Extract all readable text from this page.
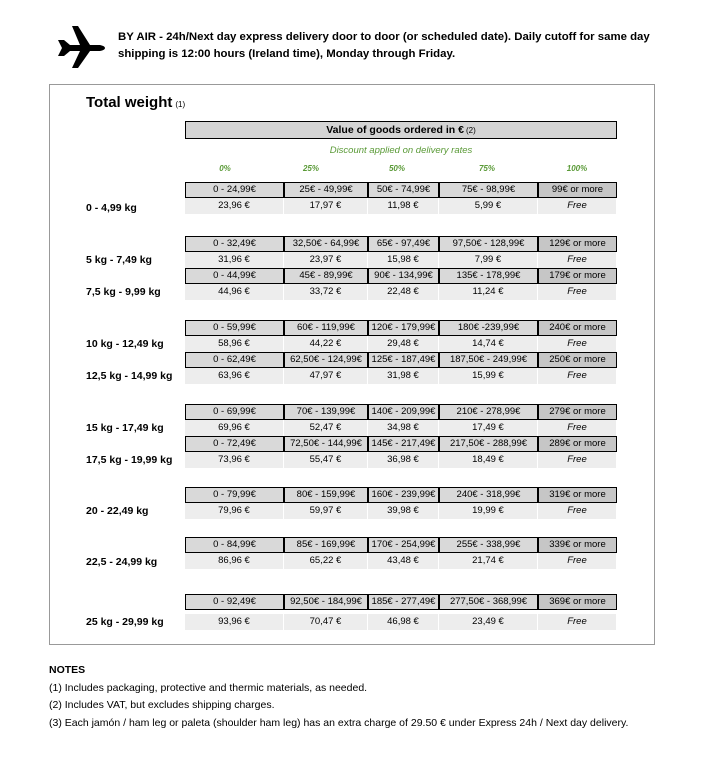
BY AIR - 24h/Next day express delivery door to door (or scheduled date). Daily cutoff for same day shipping is 12:00 hours (Ireland time), Monday through Friday.
Total weight (1)
Value of goods ordered in € (2)
Discount applied on delivery rates
0%	25%	50%	75%	100%
0 - 4,99 kg
0 - 24,99€	25€ - 49,99€	50€ - 74,99€	75€ - 98,99€	99€ or more
23,96 €	17,97 €	11,98 €	5,99 €	Free
5 kg - 7,49 kg
0 - 32,49€	32,50€ - 64,99€	65€ - 97,49€	97,50€ - 128,99€	129€ or more
31,96 €	23,97 €	15,98 €	7,99 €	Free
7,5 kg - 9,99 kg
0 - 44,99€	45€ - 89,99€	90€ - 134,99€	135€ - 178,99€	179€ or more
44,96 €	33,72 €	22,48 €	11,24 €	Free
10 kg - 12,49 kg
0 - 59,99€	60€ - 119,99€	120€ - 179,99€	180€ -239,99€	240€ or more
58,96 €	44,22 €	29,48 €	14,74 €	Free
12,5 kg - 14,99 kg
0 - 62,49€	62,50€ - 124,99€	125€ - 187,49€	187,50€ - 249,99€	250€ or more
63,96 €	47,97 €	31,98 €	15,99 €	Free
15 kg - 17,49 kg
0 - 69,99€	70€ - 139,99€	140€ - 209,99€	210€ - 278,99€	279€ or more
69,96 €	52,47 €	34,98 €	17,49 €	Free
17,5 kg - 19,99 kg
0 - 72,49€	72,50€ - 144,99€	145€ - 217,49€	217,50€ - 288,99€	289€ or more
73,96 €	55,47 €	36,98 €	18,49 €	Free
20 - 22,49 kg
0 - 79,99€	80€ - 159,99€	160€ - 239,99€	240€ - 318,99€	319€ or more
79,96 €	59,97 €	39,98 €	19,99 €	Free
22,5 - 24,99 kg
0 - 84,99€	85€ - 169,99€	170€ - 254,99€	255€ - 338,99€	339€ or more
86,96 €	65,22 €	43,48 €	21,74 €	Free
25 kg - 29,99 kg
0 - 92,49€	92,50€ - 184,99€	185€ - 277,49€	277,50€ - 368,99€	369€ or more
93,96 €	70,47 €	46,98 €	23,49 €	Free
NOTES
(1) Includes packaging, protective and thermic materials, as needed.
(2) Includes VAT, but excludes shipping charges.
(3) Each jamón / ham leg or paleta (shoulder ham leg) has an extra charge of 29.50 € under Express 24h / Next day delivery.
